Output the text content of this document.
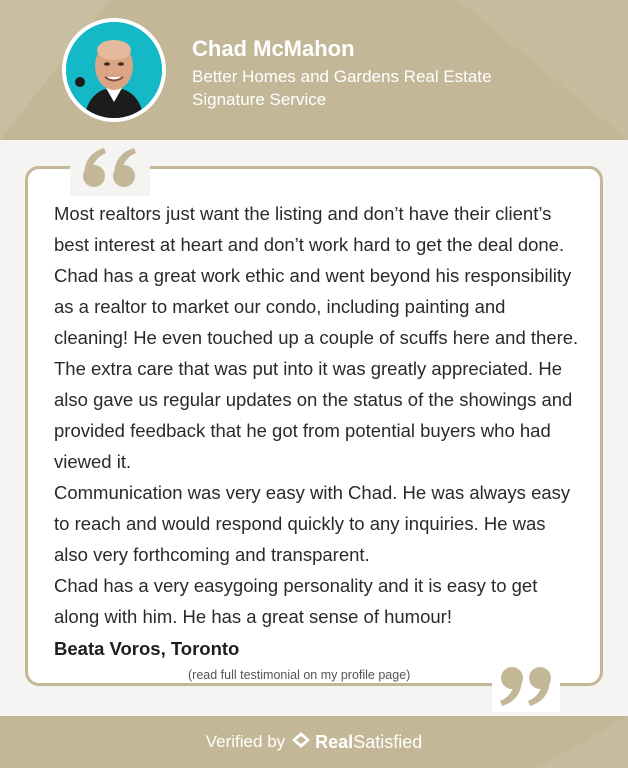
Chad McMahon
Better Homes and Gardens Real Estate
Signature Service

Most realtors just want the listing and don’t have their client’s best interest at heart and don’t work hard to get the deal done. Chad has a great work ethic and went beyond his responsibility as a realtor to market our condo, including painting and cleaning! He even touched up a couple of scuffs here and there. The extra care that was put into it was greatly appreciated. He also gave us regular updates on the status of the showings and provided feedback that he got from potential buyers who had viewed it.

Communication was very easy with Chad. He was always easy to reach and would respond quickly to any inquiries. He was also very forthcoming and transparent.

Chad has a very easygoing personality and it is easy to get along with him. He has a great sense of humour!

Beata Voros, Toronto
(read full testimonial on my profile page)
Verified by Real Satisfied
